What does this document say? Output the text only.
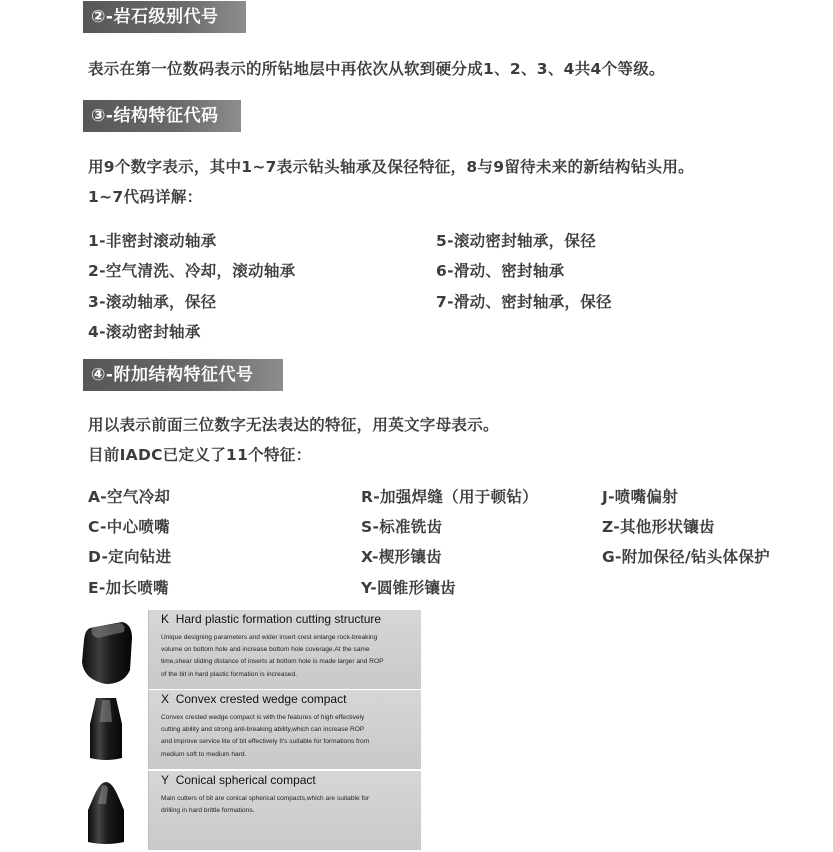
②-岩石级别代号
表示在第一位数码表示的所钻地层中再依次从软到硬分成1、2、3、4共4个等级。
③-结构特征代码
用9个数字表示，其中1~7表示钻头轴承及保径特征，8与9留待未来的新结构钻头用。
1~7代码详解：
1-非密封滚动轴承
2-空气清洗、冷却，滚动轴承
3-滚动轴承，保径
4-滚动密封轴承
5-滚动密封轴承，保径
6-滑动、密封轴承
7-滑动、密封轴承，保径
④-附加结构特征代号
用以表示前面三位数字无法表达的特征，用英文字母表示。
目前IADC已定义了11个特征：
A-空气冷却
C-中心喷嘴
D-定向钻进
E-加长喷嘴
R-加强焊缝（用于顿钻）
S-标准铣齿
X-楔形镶齿
Y-圆锥形镶齿
J-喷嘴偏射
Z-其他形状镶齿
G-附加保径/钻头体保护
K Hard plastic formation cutting structure
Unique designing parameters and wider insert crest enlarge rock-breaking
volume on bottom hole and increase bottom hole coverage.At the same
time,shear sliding distance of inserts at bottom hole is made larger and ROP
of the bit in hard plastic formation is increased.
X Convex crested wedge compact
Convex crested wedge compact is with the features of high effectively
cutting ability and strong anti-breaking ability,which can increase ROP
and improve service lite of bit effectively It's suitable for formations from
medium soft to medium hard.
Y Conical spherical compact
Main cutters of bit are conical spherical compacts,which are suitable for
drilling in hard brittle formations.
